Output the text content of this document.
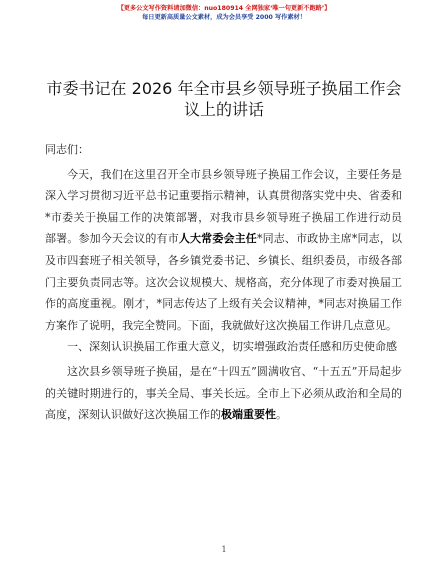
【更多公文写作资料请加微信：nuo180914 全网独家‘唯一句更新不跑路’】
每日更新高质量公文素材，成为会员享受 2000 写作素材！
市委书记在 2026 年全市县乡领导班子换届工作会议上的讲话

同志们：

今天，我们在这里召开全市县乡领导班子换届工作会议，主要任务是深入学习贯彻习近平总书记重要指示精神，认真贯彻落实党中央、省委和*市委关于换届工作的决策部署，对我市县乡领导班子换届工作进行动员部署。参加今天会议的有市人大常委会主任*同志、市政协主席*同志，以及市四套班子相关领导，各乡镇党委书记、乡镇长、组织委员，市级各部门主要负责同志等。这次会议规模大、规格高，充分体现了市委对换届工作的高度重视。刚才，*同志传达了上级有关会议精神，*同志对换届工作方案作了说明，我完全赞同。下面，我就做好这次换届工作讲几点意见。

一、深刻认识换届工作重大意义，切实增强政治责任感和历史使命感

这次县乡领导班子换届，是在“十四五”圆满收官、“十五五”开局起步的关键时期进行的，事关全局、事关长远。全市上下必须从政治和全局的高度，深刻认识做好这次换届工作的极端重要性。

1
